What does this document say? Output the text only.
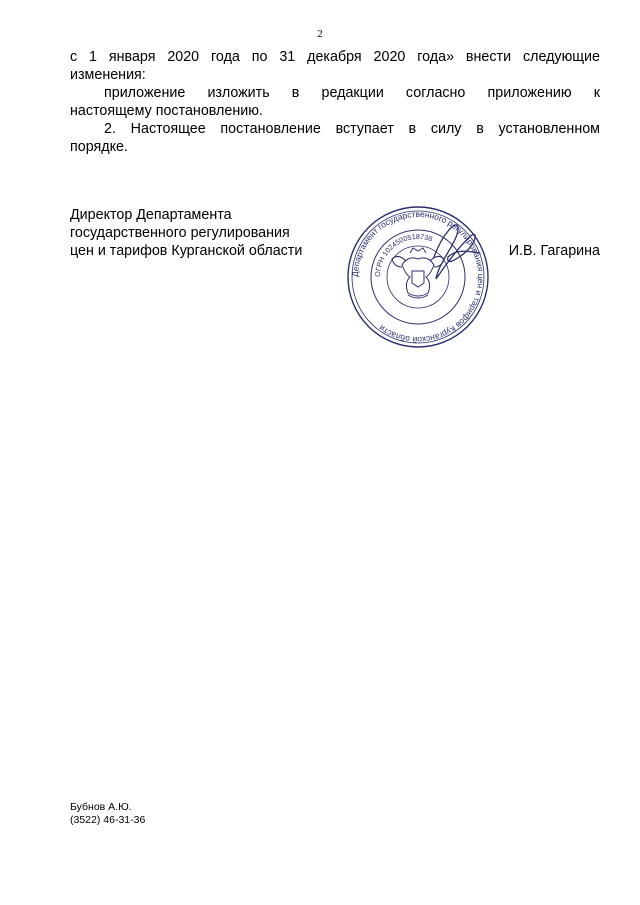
2
с 1 января 2020 года по 31 декабря 2020 года» внести следующие
изменения:
приложение изложить в редакции согласно приложению к
настоящему постановлению.
2. Настоящее постановление вступает в силу в установленном
порядке.
Директор Департамента
государственного регулирования
цен и тарифов Курганской области
Департамент государственного регулирования цен и тарифов Курганской области
ОГРН 1024500518738
И.В. Гагарина
Бубнов А.Ю.
(3522) 46-31-36
